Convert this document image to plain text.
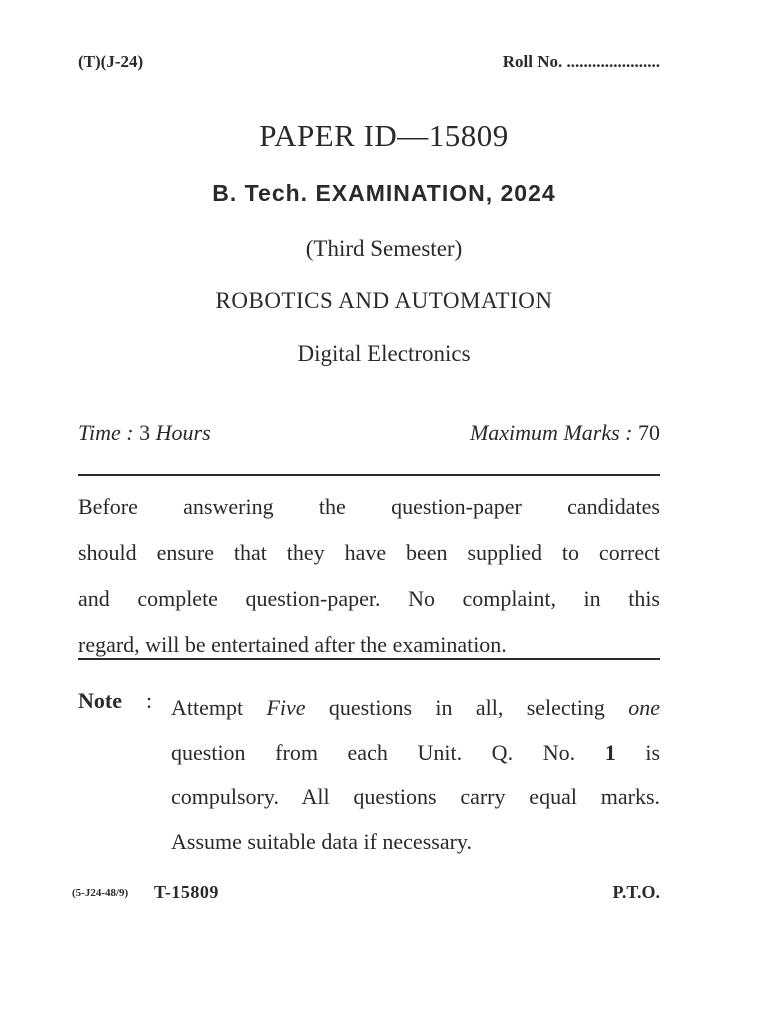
(T)(J-24)	Roll No. ......................
PAPER ID—15809
B. Tech. EXAMINATION, 2024
(Third Semester)
ROBOTICS AND AUTOMATION
Digital Electronics
Time : 3 Hours	Maximum Marks : 70
Before answering the question-paper candidates
should ensure that they have been supplied to correct
and complete question-paper. No complaint, in this
regard, will be entertained after the examination.
Note : Attempt Five questions in all, selecting one
question from each Unit. Q. No. 1 is
compulsory. All questions carry equal marks.
Assume suitable data if necessary.
(5-J24-48/9) T-15809	P.T.O.
